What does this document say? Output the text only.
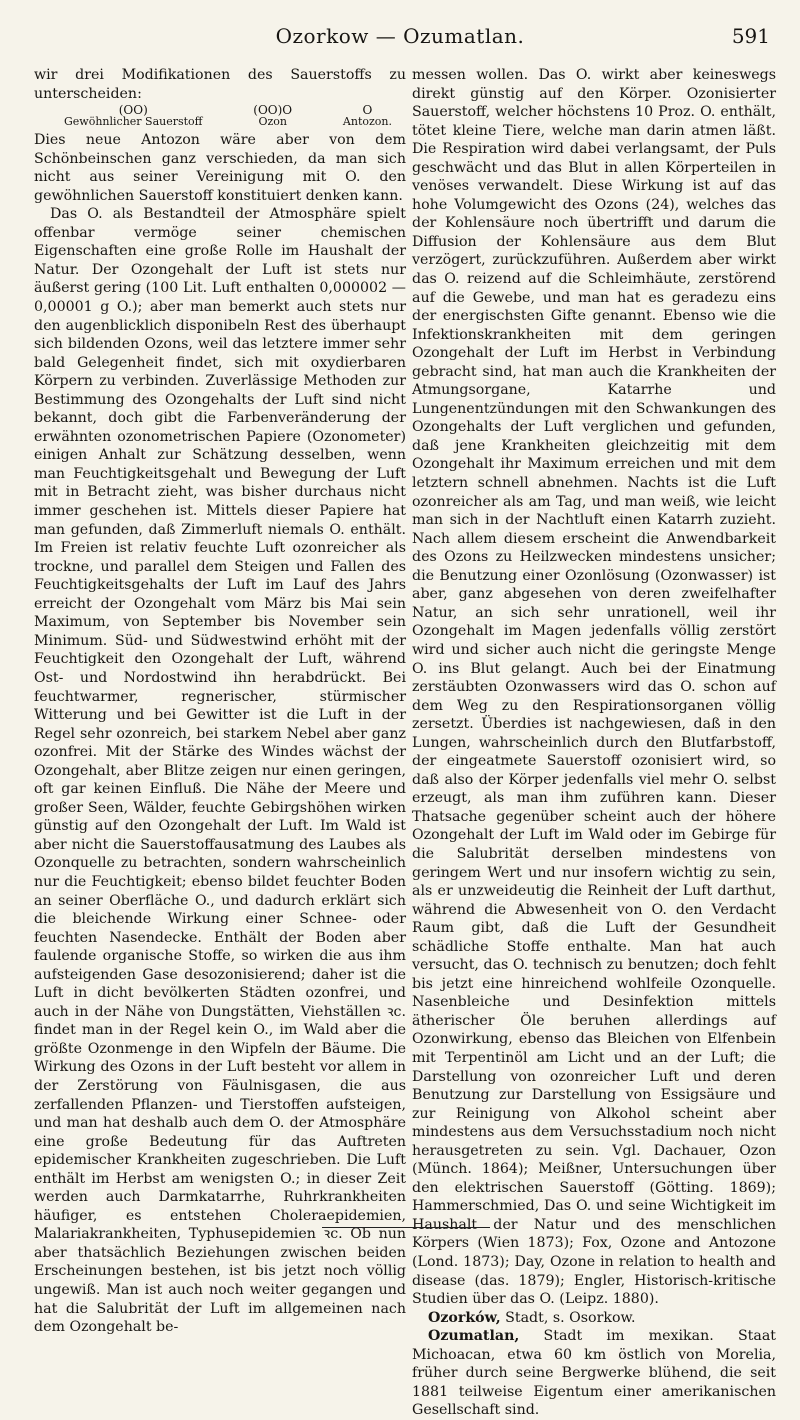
Ozorkow — Ozumatlan.	591

wir drei Modifikationen des Sauerstoffs zu unterscheiden:

(OO)
Gewöhnlicher Sauerstoff
(OO)O
Ozon
O
Antozon.

Dies neue Antozon wäre aber von dem Schönbeinschen ganz verschieden, da man sich nicht aus seiner Vereinigung mit O. den gewöhnlichen Sauerstoff konstituiert denken kann.

Das O. als Bestandteil der Atmosphäre spielt offenbar vermöge seiner chemischen Eigenschaften eine große Rolle im Haushalt der Natur. Der Ozongehalt der Luft ist stets nur äußerst gering (100 Lit. Luft enthalten 0,000002 — 0,00001 g O.); aber man bemerkt auch stets nur den augenblicklich disponibeln Rest des überhaupt sich bildenden Ozons, weil das letztere immer sehr bald Gelegenheit findet, sich mit oxydierbaren Körpern zu verbinden. Zuverlässige Methoden zur Bestimmung des Ozongehalts der Luft sind nicht bekannt, doch gibt die Farbenveränderung der erwähnten ozonometrischen Papiere (Ozonometer) einigen Anhalt zur Schätzung desselben, wenn man Feuchtigkeitsgehalt und Bewegung der Luft mit in Betracht zieht, was bisher durchaus nicht immer geschehen ist. Mittels dieser Papiere hat man gefunden, daß Zimmerluft niemals O. enthält. Im Freien ist relativ feuchte Luft ozonreicher als trockne, und parallel dem Steigen und Fallen des Feuchtigkeitsgehalts der Luft im Lauf des Jahrs erreicht der Ozongehalt vom März bis Mai sein Maximum, von September bis November sein Minimum. Süd- und Südwestwind erhöht mit der Feuchtigkeit den Ozongehalt der Luft, während Ost- und Nordostwind ihn herabdrückt. Bei feuchtwarmer, regnerischer, stürmischer Witterung und bei Gewitter ist die Luft in der Regel sehr ozonreich, bei starkem Nebel aber ganz ozonfrei. Mit der Stärke des Windes wächst der Ozongehalt, aber Blitze zeigen nur einen geringen, oft gar keinen Einfluß. Die Nähe der Meere und großer Seen, Wälder, feuchte Gebirgshöhen wirken günstig auf den Ozongehalt der Luft. Im Wald ist aber nicht die Sauerstoffausatmung des Laubes als Ozonquelle zu betrachten, sondern wahrscheinlich nur die Feuchtigkeit; ebenso bildet feuchter Boden an seiner Oberfläche O., und dadurch erklärt sich die bleichende Wirkung einer Schnee- oder feuchten Nasendecke. Enthält der Boden aber faulende organische Stoffe, so wirken die aus ihm aufsteigenden Gase desozonisierend; daher ist die Luft in dicht bevölkerten Städten ozonfrei, und auch in der Nähe von Dungstätten, Viehställen ꝛc. findet man in der Regel kein O., im Wald aber die größte Ozonmenge in den Wipfeln der Bäume. Die Wirkung des Ozons in der Luft besteht vor allem in der Zerstörung von Fäulnisgasen, die aus zerfallenden Pflanzen- und Tierstoffen aufsteigen, und man hat deshalb auch dem O. der Atmosphäre eine große Bedeutung für das Auftreten epidemischer Krankheiten zugeschrieben. Die Luft enthält im Herbst am wenigsten O.; in dieser Zeit werden auch Darmkatarrhe, Ruhrkrankheiten häufiger, es entstehen Choleraepidemien, Malariakrankheiten, Typhusepidemien ꝛc. Ob nun aber thatsächlich Beziehungen zwischen beiden Erscheinungen bestehen, ist bis jetzt noch völlig ungewiß. Man ist auch noch weiter gegangen und hat die Salubrität der Luft im allgemeinen nach dem Ozongehalt be-

messen wollen. Das O. wirkt aber keineswegs direkt günstig auf den Körper. Ozonisierter Sauerstoff, welcher höchstens 10 Proz. O. enthält, tötet kleine Tiere, welche man darin atmen läßt. Die Respiration wird dabei verlangsamt, der Puls geschwächt und das Blut in allen Körperteilen in venöses verwandelt. Diese Wirkung ist auf das hohe Volumgewicht des Ozons (24), welches das der Kohlensäure noch übertrifft und darum die Diffusion der Kohlensäure aus dem Blut verzögert, zurückzuführen. Außerdem aber wirkt das O. reizend auf die Schleimhäute, zerstörend auf die Gewebe, und man hat es geradezu eins der energischsten Gifte genannt. Ebenso wie die Infektionskrankheiten mit dem geringen Ozongehalt der Luft im Herbst in Verbindung gebracht sind, hat man auch die Krankheiten der Atmungsorgane, Katarrhe und Lungenentzündungen mit den Schwankungen des Ozongehalts der Luft verglichen und gefunden, daß jene Krankheiten gleichzeitig mit dem Ozongehalt ihr Maximum erreichen und mit dem letztern schnell abnehmen. Nachts ist die Luft ozonreicher als am Tag, und man weiß, wie leicht man sich in der Nachtluft einen Katarrh zuzieht. Nach allem diesem erscheint die Anwendbarkeit des Ozons zu Heilzwecken mindestens unsicher; die Benutzung einer Ozonlösung (Ozonwasser) ist aber, ganz abgesehen von deren zweifelhafter Natur, an sich sehr unrationell, weil ihr Ozongehalt im Magen jedenfalls völlig zerstört wird und sicher auch nicht die geringste Menge O. ins Blut gelangt. Auch bei der Einatmung zerstäubten Ozonwassers wird das O. schon auf dem Weg zu den Respirationsorganen völlig zersetzt. Überdies ist nachgewiesen, daß in den Lungen, wahrscheinlich durch den Blutfarbstoff, der eingeatmete Sauerstoff ozonisiert wird, so daß also der Körper jedenfalls viel mehr O. selbst erzeugt, als man ihm zuführen kann. Dieser Thatsache gegenüber scheint auch der höhere Ozongehalt der Luft im Wald oder im Gebirge für die Salubrität derselben mindestens von geringem Wert und nur insofern wichtig zu sein, als er unzweideutig die Reinheit der Luft darthut, während die Abwesenheit von O. den Verdacht Raum gibt, daß die Luft der Gesundheit schädliche Stoffe enthalte. Man hat auch versucht, das O. technisch zu benutzen; doch fehlt bis jetzt eine hinreichend wohlfeile Ozonquelle. Nasenbleiche und Desinfektion mittels ätherischer Öle beruhen allerdings auf Ozonwirkung, ebenso das Bleichen von Elfenbein mit Terpentinöl am Licht und an der Luft; die Darstellung von ozonreicher Luft und deren Benutzung zur Darstellung von Essigsäure und zur Reinigung von Alkohol scheint aber mindestens aus dem Versuchsstadium noch nicht herausgetreten zu sein. Vgl. Dachauer, Ozon (Münch. 1864); Meißner, Untersuchungen über den elektrischen Sauerstoff (Götting. 1869); Hammerschmied, Das O. und seine Wichtigkeit im Haushalt der Natur und des menschlichen Körpers (Wien 1873); Fox, Ozone and Antozone (Lond. 1873); Day, Ozone in relation to health and disease (das. 1879); Engler, Historisch-kritische Studien über das O. (Leipz. 1880).

Ozorków, Stadt, s. Osorkow.

Ozumatlan, Stadt im mexikan. Staat Michoacan, etwa 60 km östlich von Morelia, früher durch seine Bergwerke blühend, die seit 1881 teilweise Eigentum einer amerikanischen Gesellschaft sind.
